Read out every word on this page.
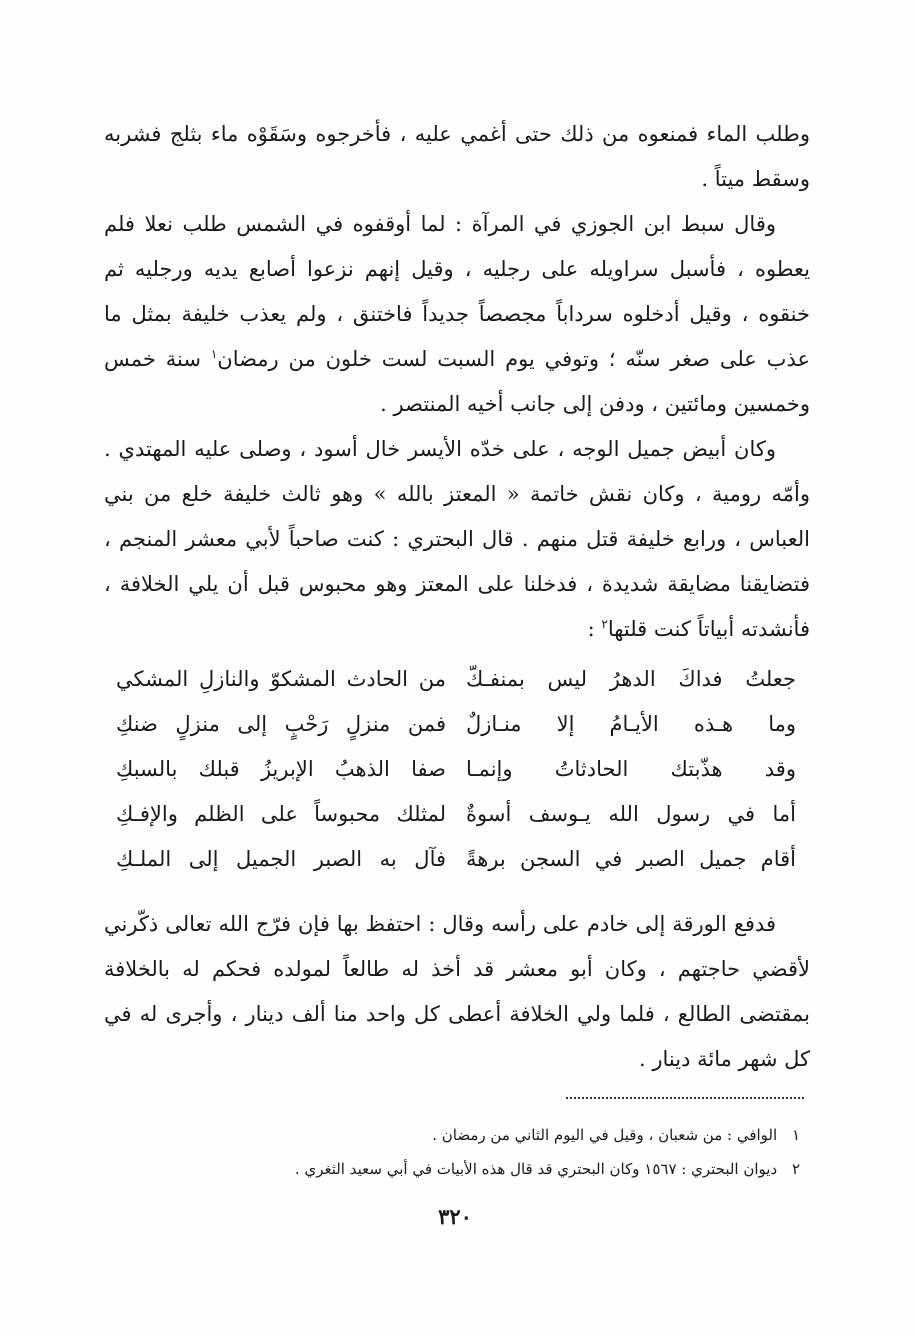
وطلب الماء فمنعوه من ذلك حتى أغمي عليه ، فأخرجوه وسَقَوْه ماء بثلج فشربه وسقط ميتاً .

وقال سبط ابن الجوزي في المرآة : لما أوقفوه في الشمس طلب نعلا فلم يعطوه ، فأسبل سراويله على رجليه ، وقيل إنهم نزعوا أصابع يديه ورجليه ثم خنقوه ، وقيل أدخلوه سرداباً مجصصاً جديداً فاختنق ، ولم يعذب خليفة بمثل ما عذب على صغر سنّه ؛ وتوفي يوم السبت لست خلون من رمضان$^١$ سنة خمس وخمسين ومائتين ، ودفن إلى جانب أخيه المنتصر .

وكان أبيض جميل الوجه ، على خدّه الأيسر خال أسود ، وصلى عليه المهتدي . وأمّه رومية ، وكان نقش خاتمة « المعتز بالله » وهو ثالث خليفة خلع من بني العباس ، ورابع خليفة قتل منهم . قال البحتري : كنت صاحباً لأبي معشر المنجم ، فتضايقنا مضايقة شديدة ، فدخلنا على المعتز وهو محبوس قبل أن يلي الخلافة ، فأنشدته أبياتاً كنت قلتها$^٢$ :

جعلتُ فداكَ الدهرُ ليس بمنفـكّ
من الحادث المشكوّ والنازلِ المشكي
وما هـذه الأيـامُ إلا منـازلٌ
فمن منزلٍ رَحْبٍ إلى منزلٍ ضنكِ
وقد هذّبتك الحادثاتُ وإنمـا
صفا الذهبُ الإبريزُ قبلك بالسبكِ
أما في رسول الله يـوسف أسوةٌ
لمثلك محبوساً على الظلم والإفـكِ
أقام جميل الصبر في السجن برهةً
فآل به الصبر الجميل إلى الملـكِ

فدفع الورقة إلى خادم على رأسه وقال : احتفظ بها فإن فرّج الله تعالى ذكّرني لأقضي حاجتهم ، وكان أبو معشر قد أخذ له طالعاً لمولده فحكم له بالخلافة بمقتضى الطالع ، فلما ولي الخلافة أعطى كل واحد منا ألف دينار ، وأجرى له في كل شهر مائة دينار .

١ الوافي : من شعبان ، وقيل في اليوم الثاني من رمضان .

٢ ديوان البحتري : ١٥٦٧ وكان البحتري قد قال هذه الأبيات في أبي سعيد الثغري .

٣٢٠
